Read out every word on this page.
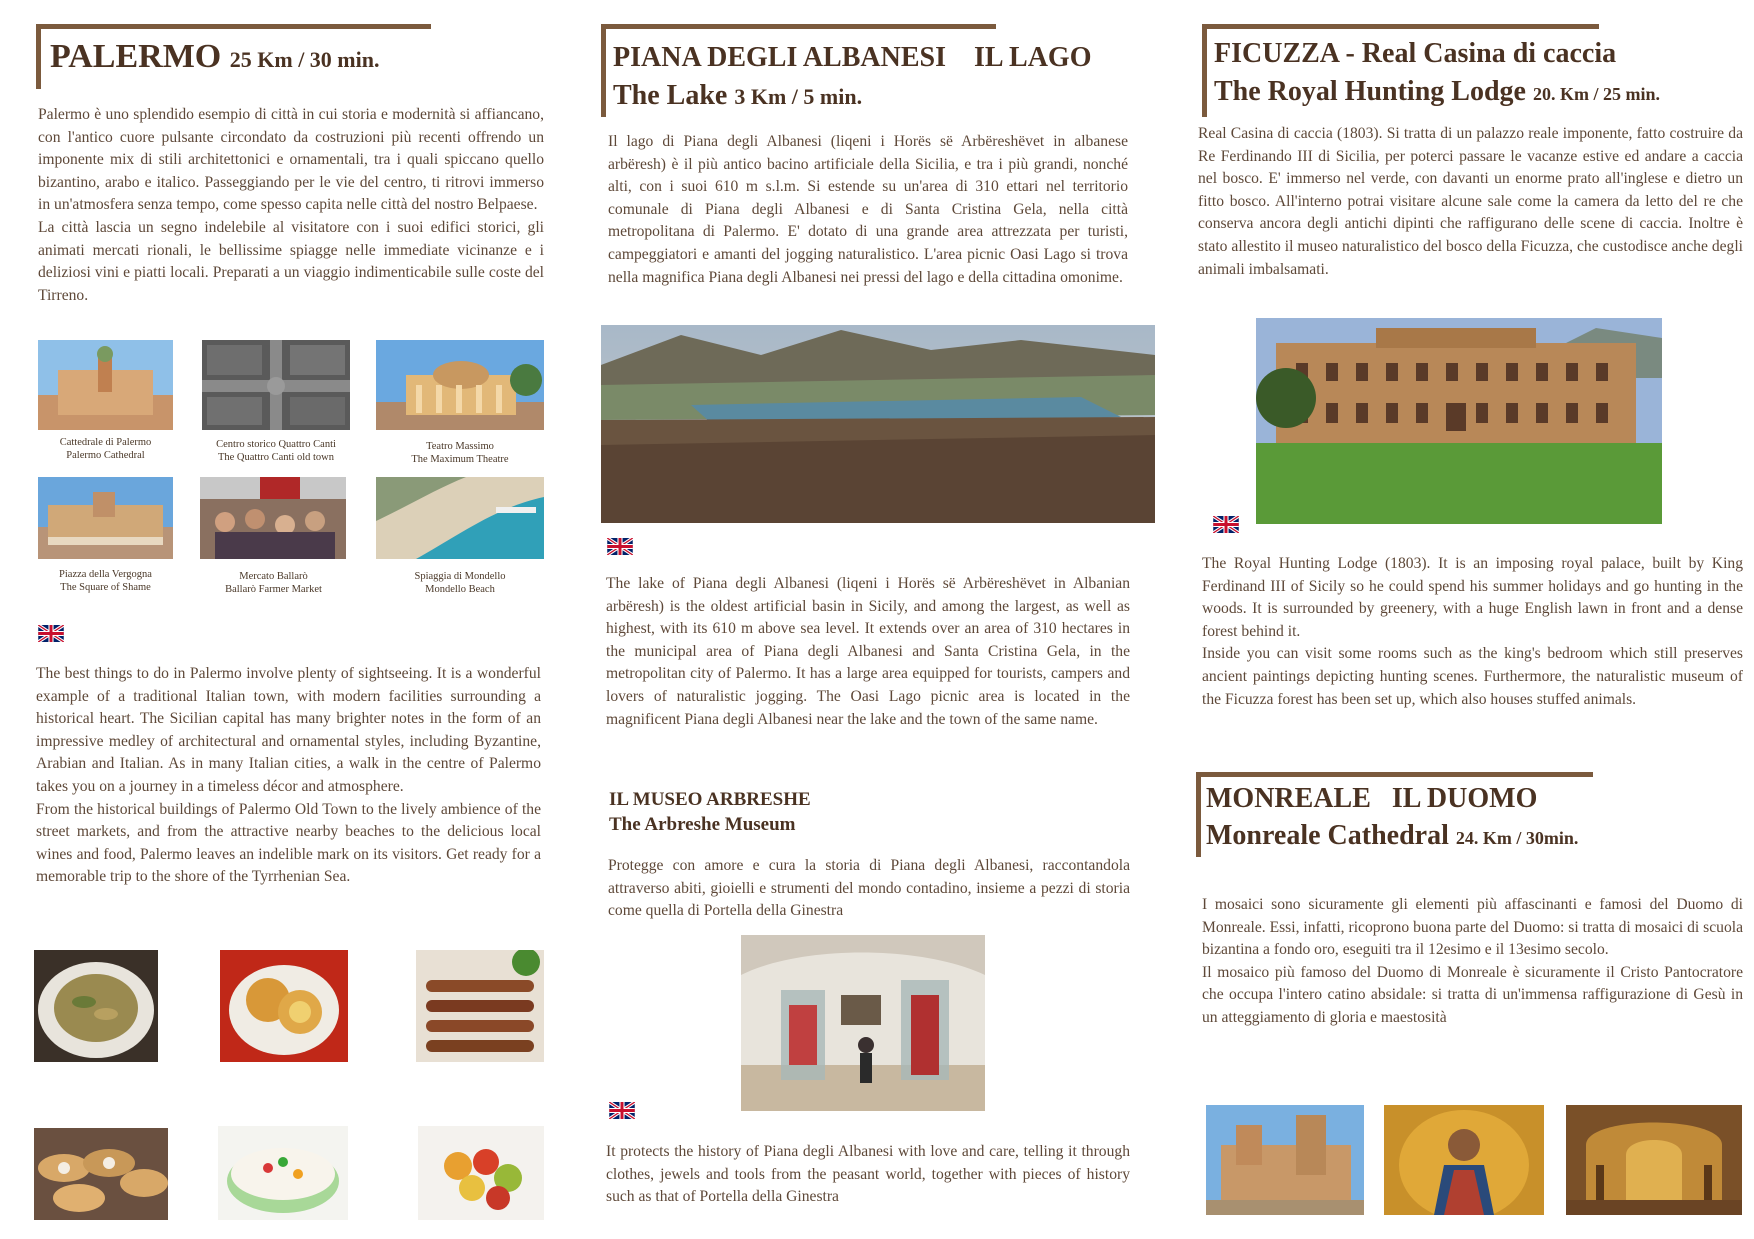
PALERMO 25 Km / 30 min.

Palermo è uno splendido esempio di città in cui storia e modernità si affiancano, con l'antico cuore pulsante circondato da costruzioni più recenti offrendo un imponente mix di stili architettonici e ornamentali, tra i quali spiccano quello bizantino, arabo e italico. Passeggiando per le vie del centro, ti ritrovi immerso in un'atmosfera senza tempo, come spesso capita nelle città del nostro Belpaese.

La città lascia un segno indelebile al visitatore con i suoi edifici storici, gli animati mercati rionali, le bellissime spiagge nelle immediate vicinanze e i deliziosi vini e piatti locali. Preparati a un viaggio indimenticabile sulle coste del Tirreno.

Cattedrale di Palermo
Palermo Cathedral
Centro storico Quattro Canti
The Quattro Canti old town
Teatro Massimo
The Maximum Theatre
Piazza della Vergogna
The Square of Shame
Mercato Ballarò
Ballarò Farmer Market
Spiaggia di Mondello
Mondello Beach

The best things to do in Palermo involve plenty of sightseeing. It is a wonderful example of a traditional Italian town, with modern facilities surrounding a historical heart. The Sicilian capital has many brighter notes in the form of an impressive medley of architectural and ornamental styles, including Byzantine, Arabian and Italian. As in many Italian cities, a walk in the centre of Palermo takes you on a journey in a timeless décor and atmosphere.

From the historical buildings of Palermo Old Town to the lively ambience of the street markets, and from the attractive nearby beaches to the delicious local wines and food, Palermo leaves an indelible mark on its visitors. Get ready for a memorable trip to the shore of the Tyrrhenian Sea.

PIANA DEGLI ALBANESI IL LAGO
The Lake 3 Km / 5 min.

Il lago di Piana degli Albanesi (liqeni i Horës së Arbëreshëvet in albanese arbëresh) è il più antico bacino artificiale della Sicilia, e tra i più grandi, nonché alti, con i suoi 610 m s.l.m. Si estende su un'area di 310 ettari nel territorio comunale di Piana degli Albanesi e di Santa Cristina Gela, nella città metropolitana di Palermo. E' dotato di una grande area attrezzata per turisti, campeggiatori e amanti del jogging naturalistico. L'area picnic Oasi Lago si trova nella magnifica Piana degli Albanesi nei pressi del lago e della cittadina omonime.

The lake of Piana degli Albanesi (liqeni i Horës së Arbëreshëvet in Albanian arbëresh) is the oldest artificial basin in Sicily, and among the largest, as well as highest, with its 610 m above sea level. It extends over an area of 310 hectares in the municipal area of Piana degli Albanesi and Santa Cristina Gela, in the metropolitan city of Palermo. It has a large area equipped for tourists, campers and lovers of naturalistic jogging. The Oasi Lago picnic area is located in the magnificent Piana degli Albanesi near the lake and the town of the same name.

IL MUSEO ARBRESHE
The Arbreshe Museum

Protegge con amore e cura la storia di Piana degli Albanesi, raccontandola attraverso abiti, gioielli e strumenti del mondo contadino, insieme a pezzi di storia come quella di Portella della Ginestra

It protects the history of Piana degli Albanesi with love and care, telling it through clothes, jewels and tools from the peasant world, together with pieces of history such as that of Portella della Ginestra

FICUZZA - Real Casina di caccia
The Royal Hunting Lodge 20. Km / 25 min.

Real Casina di caccia (1803). Si tratta di un palazzo reale imponente, fatto costruire da Re Ferdinando III di Sicilia, per poterci passare le vacanze estive ed andare a caccia nel bosco. E' immerso nel verde, con davanti un enorme prato all'inglese e dietro un fitto bosco. All'interno potrai visitare alcune sale come la camera da letto del re che conserva ancora degli antichi dipinti che raffigurano delle scene di caccia. Inoltre è stato allestito il museo naturalistico del bosco della Ficuzza, che custodisce anche degli animali imbalsamati.

The Royal Hunting Lodge (1803). It is an imposing royal palace, built by King Ferdinand III of Sicily so he could spend his summer holidays and go hunting in the woods. It is surrounded by greenery, with a huge English lawn in front and a dense forest behind it.

Inside you can visit some rooms such as the king's bedroom which still preserves ancient paintings depicting hunting scenes. Furthermore, the naturalistic museum of the Ficuzza forest has been set up, which also houses stuffed animals.

MONREALE IL DUOMO
Monreale Cathedral 24. Km / 30min.

I mosaici sono sicuramente gli elementi più affascinanti e famosi del Duomo di Monreale. Essi, infatti, ricoprono buona parte del Duomo: si tratta di mosaici di scuola bizantina a fondo oro, eseguiti tra il 12esimo e il 13esimo secolo.

Il mosaico più famoso del Duomo di Monreale è sicuramente il Cristo Pantocratore che occupa l'intero catino absidale: si tratta di un'immensa raffigurazione di Gesù in un atteggiamento di gloria e maestosità
